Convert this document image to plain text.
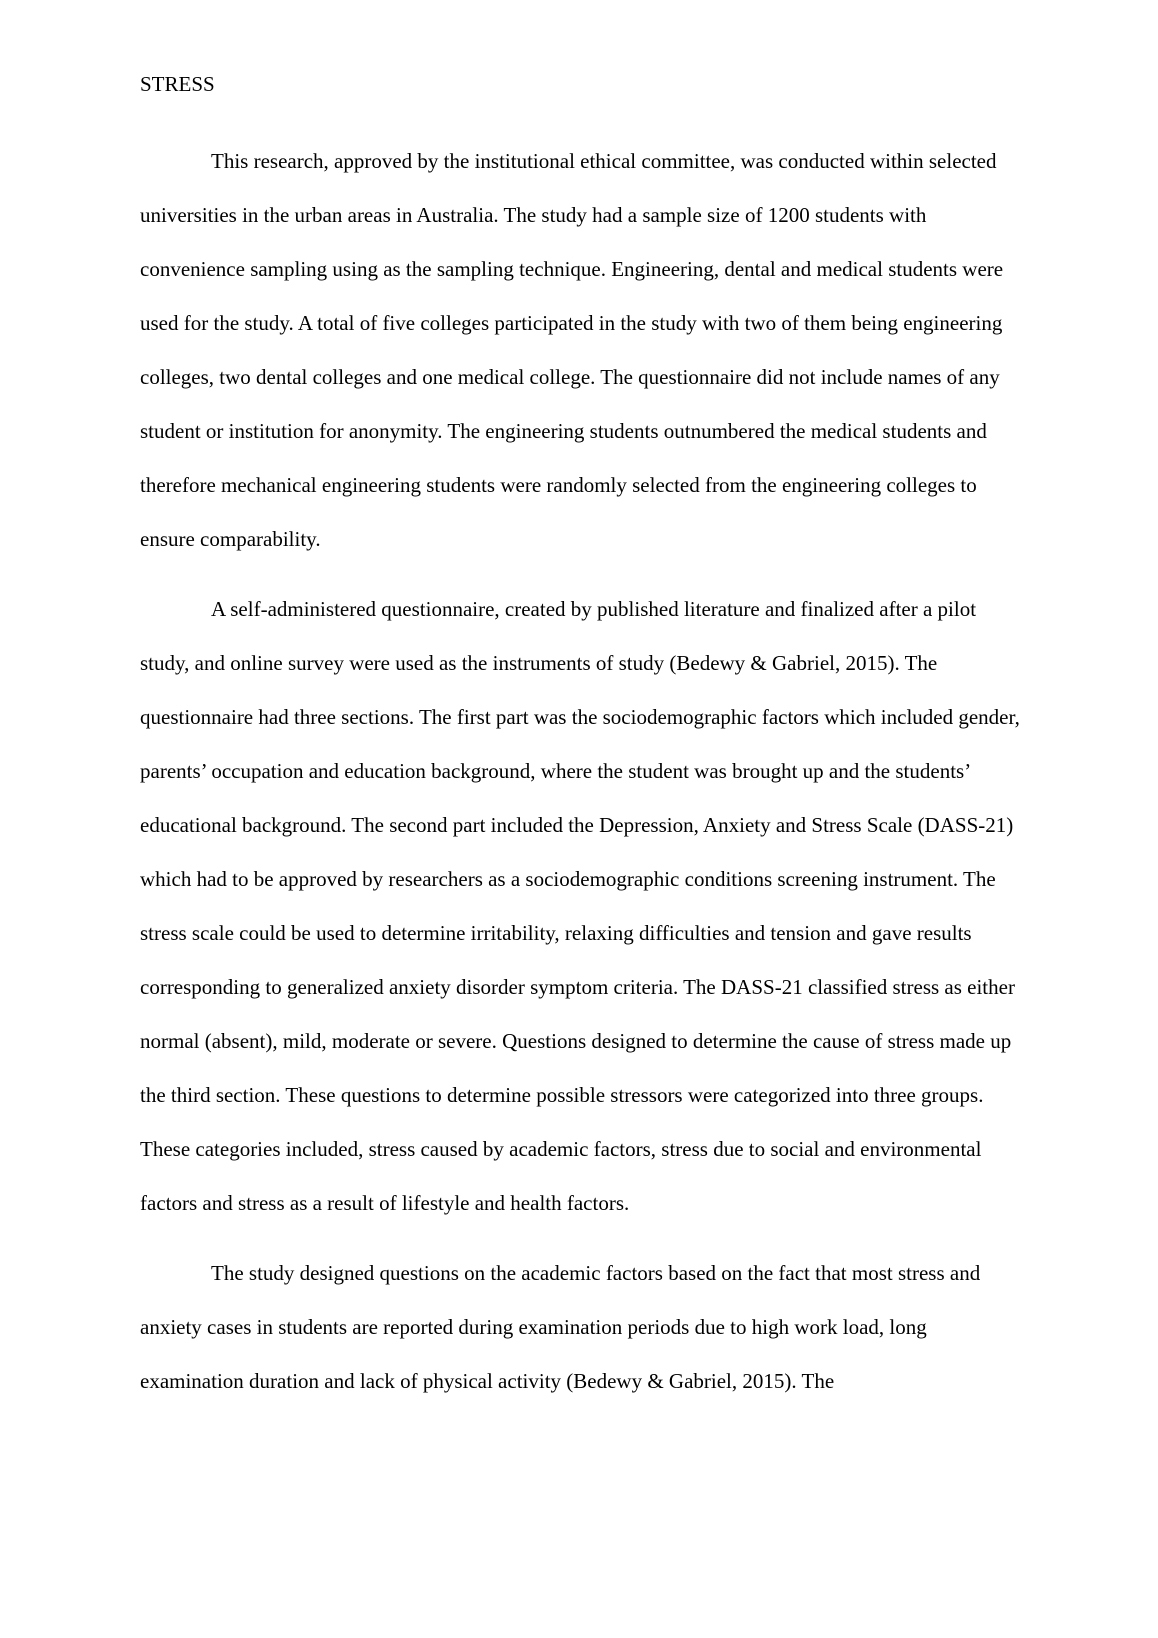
STRESS

This research, approved by the institutional ethical committee, was conducted within selected universities in the urban areas in Australia. The study had a sample size of 1200 students with convenience sampling using as the sampling technique. Engineering, dental and medical students were used for the study. A total of five colleges participated in the study with two of them being engineering colleges, two dental colleges and one medical college. The questionnaire did not include names of any student or institution for anonymity. The engineering students outnumbered the medical students and therefore mechanical engineering students were randomly selected from the engineering colleges to ensure comparability.

A self-administered questionnaire, created by published literature and finalized after a pilot study, and online survey were used as the instruments of study (Bedewy & Gabriel, 2015). The questionnaire had three sections. The first part was the sociodemographic factors which included gender, parents’ occupation and education background, where the student was brought up and the students’ educational background. The second part included the Depression, Anxiety and Stress Scale (DASS-21) which had to be approved by researchers as a sociodemographic conditions screening instrument. The stress scale could be used to determine irritability, relaxing difficulties and tension and gave results corresponding to generalized anxiety disorder symptom criteria. The DASS-21 classified stress as either normal (absent), mild, moderate or severe. Questions designed to determine the cause of stress made up the third section. These questions to determine possible stressors were categorized into three groups. These categories included, stress caused by academic factors, stress due to social and environmental factors and stress as a result of lifestyle and health factors.

The study designed questions on the academic factors based on the fact that most stress and anxiety cases in students are reported during examination periods due to high work load, long examination duration and lack of physical activity (Bedewy & Gabriel, 2015). The
